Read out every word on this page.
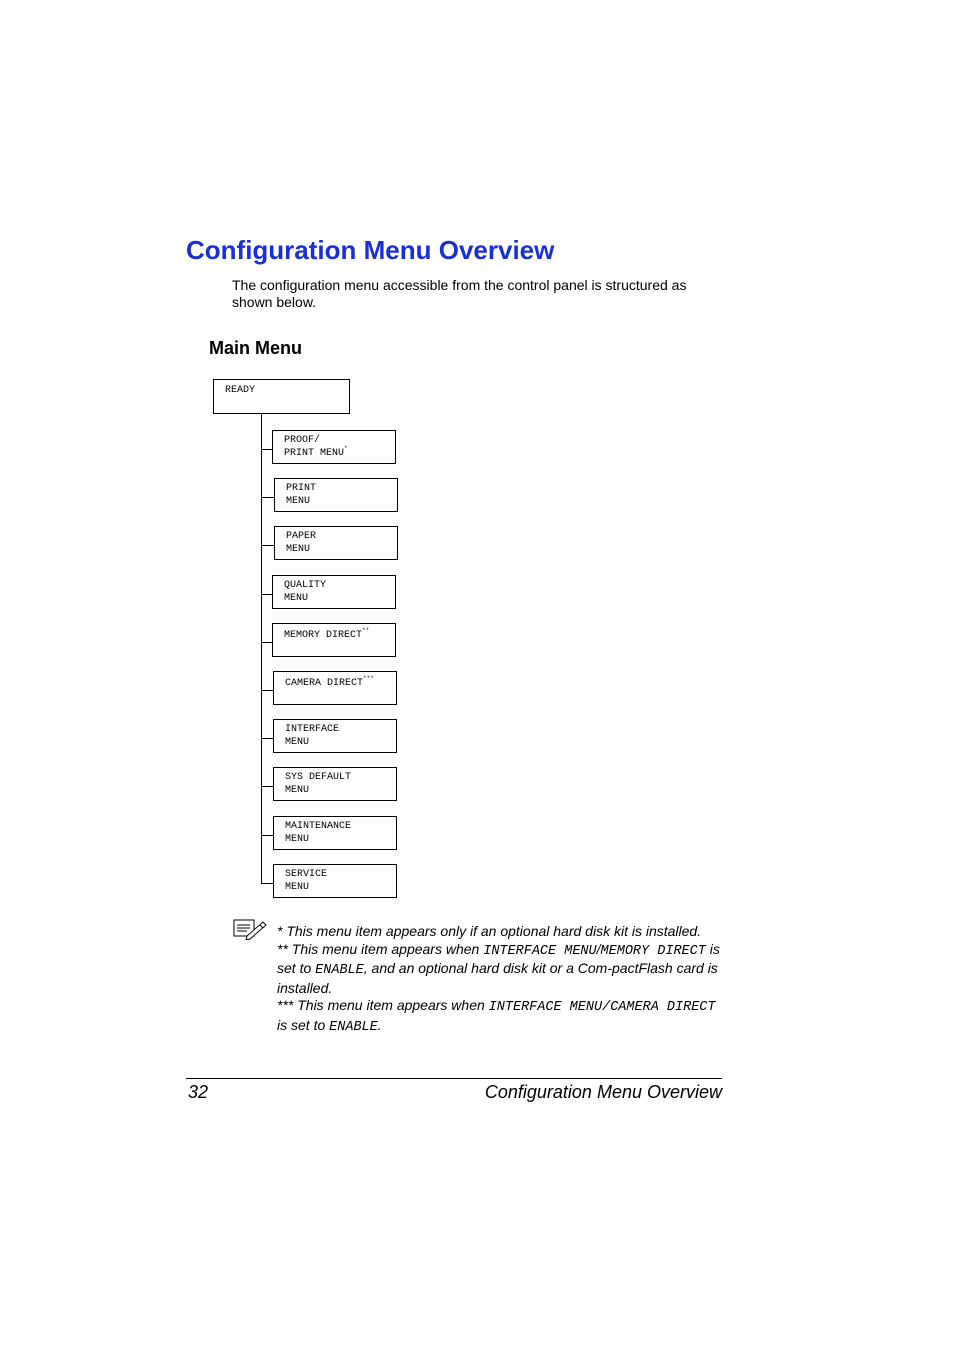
Configuration Menu Overview
The configuration menu accessible from the control panel is structured as
shown below.
Main Menu
READY
PROOF/
PRINT MENU*
PRINT
MENU
PAPER
MENU
QUALITY
MENU
MEMORY DIRECT**
CAMERA DIRECT***
INTERFACE
MENU
SYS DEFAULT
MENU
MAINTENANCE
MENU
SERVICE
MENU

* This menu item appears only if an optional hard disk kit is installed.

** This menu item appears when INTERFACE MENU/MEMORY DIRECT is set to ENABLE, and an optional hard disk kit or a Com-pactFlash card is installed.

*** This menu item appears when INTERFACE MENU/CAMERA DIRECT is set to ENABLE.

32	Configuration Menu Overview
